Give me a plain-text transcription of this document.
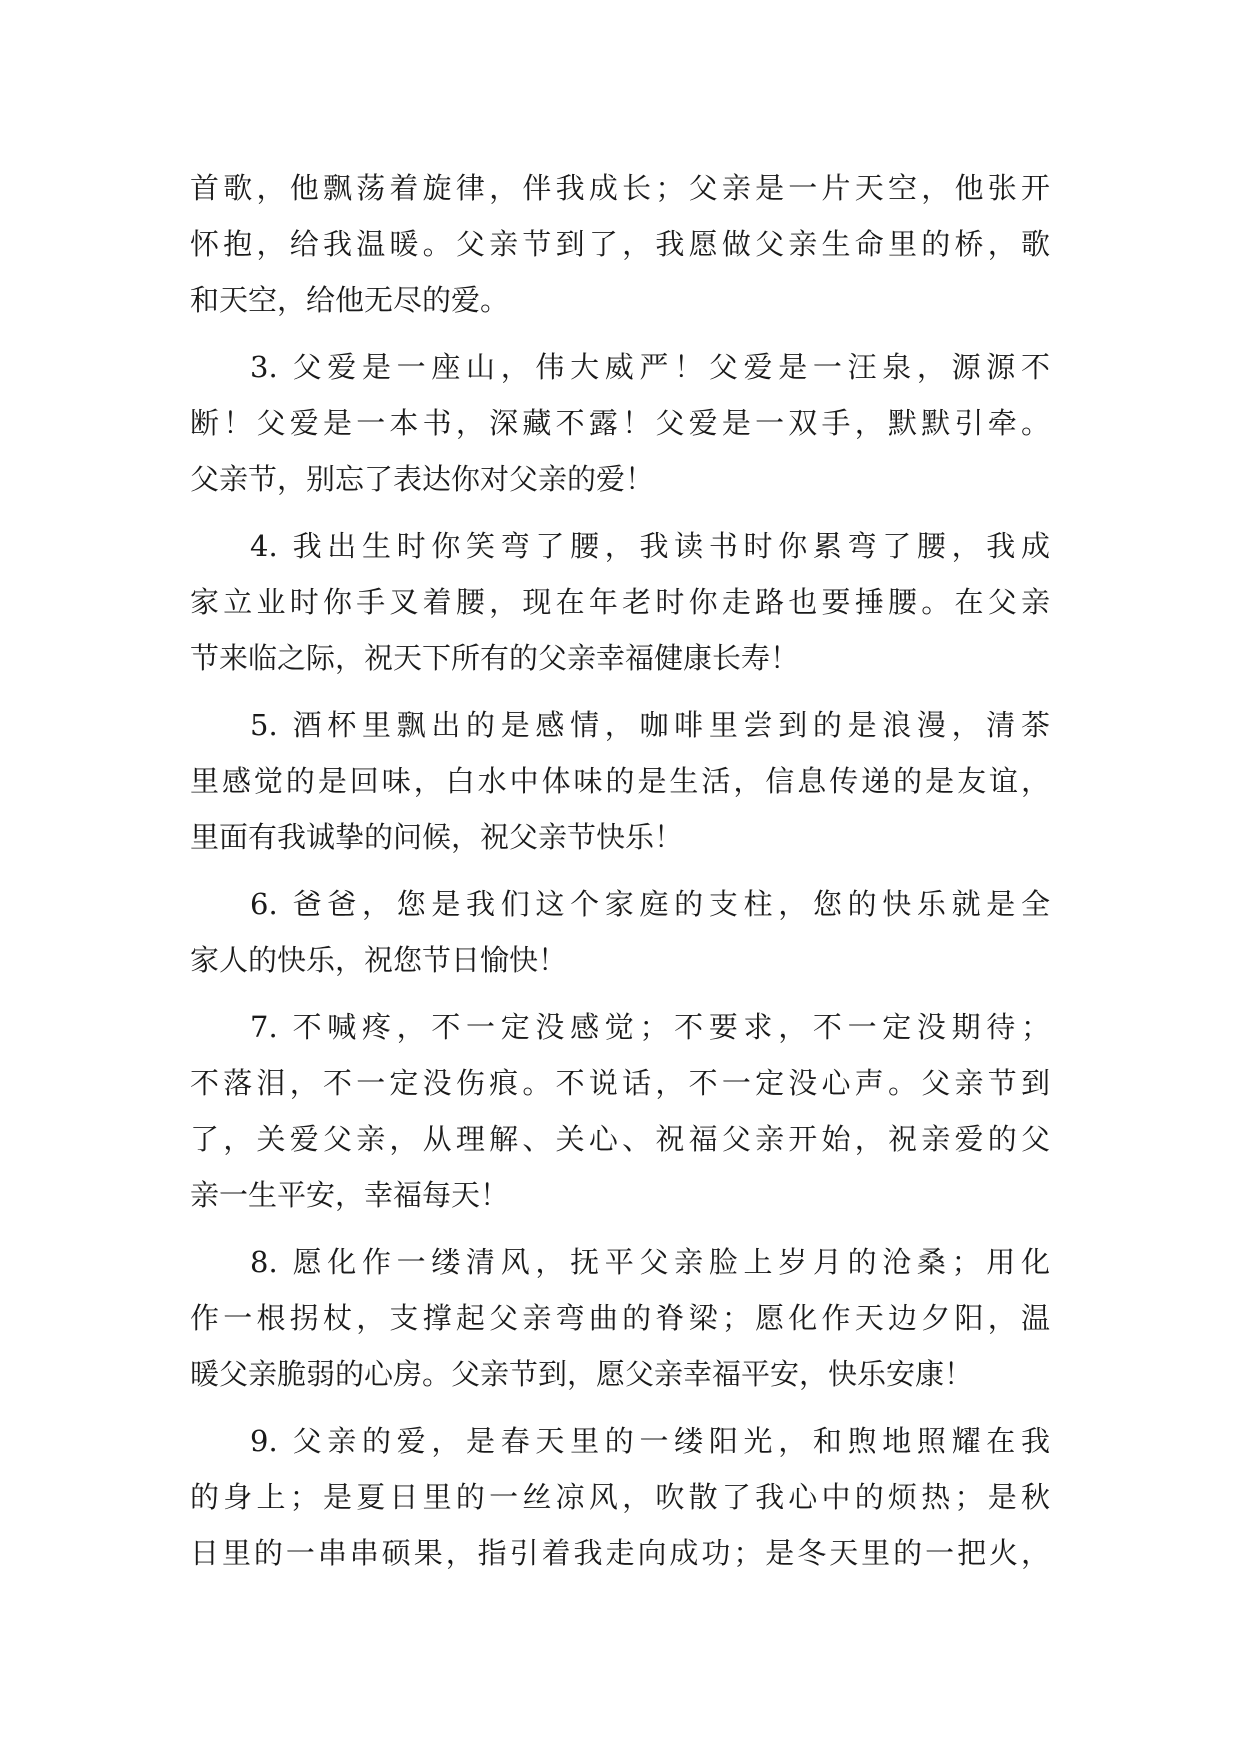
首歌，他飘荡着旋律，伴我成长；父亲是一片天空，他张开
怀抱，给我温暖。父亲节到了，我愿做父亲生命里的桥，歌
和天空，给他无尽的爱。
3. 父爱是一座山，伟大威严！父爱是一汪泉，源源不
断！父爱是一本书，深藏不露！父爱是一双手，默默引牵。
父亲节，别忘了表达你对父亲的爱！
4. 我出生时你笑弯了腰，我读书时你累弯了腰，我成
家立业时你手叉着腰，现在年老时你走路也要捶腰。在父亲
节来临之际，祝天下所有的父亲幸福健康长寿！
5. 酒杯里飘出的是感情，咖啡里尝到的是浪漫，清茶
里感觉的是回味，白水中体味的是生活，信息传递的是友谊，
里面有我诚挚的问候，祝父亲节快乐！
6. 爸爸，您是我们这个家庭的支柱，您的快乐就是全
家人的快乐，祝您节日愉快！
7. 不喊疼，不一定没感觉；不要求，不一定没期待；
不落泪，不一定没伤痕。不说话，不一定没心声。父亲节到
了，关爱父亲，从理解、关心、祝福父亲开始，祝亲爱的父
亲一生平安，幸福每天！
8. 愿化作一缕清风，抚平父亲脸上岁月的沧桑；用化
作一根拐杖，支撑起父亲弯曲的脊梁；愿化作天边夕阳，温
暖父亲脆弱的心房。父亲节到，愿父亲幸福平安，快乐安康！
9. 父亲的爱，是春天里的一缕阳光，和煦地照耀在我
的身上；是夏日里的一丝凉风，吹散了我心中的烦热；是秋
日里的一串串硕果，指引着我走向成功；是冬天里的一把火，
